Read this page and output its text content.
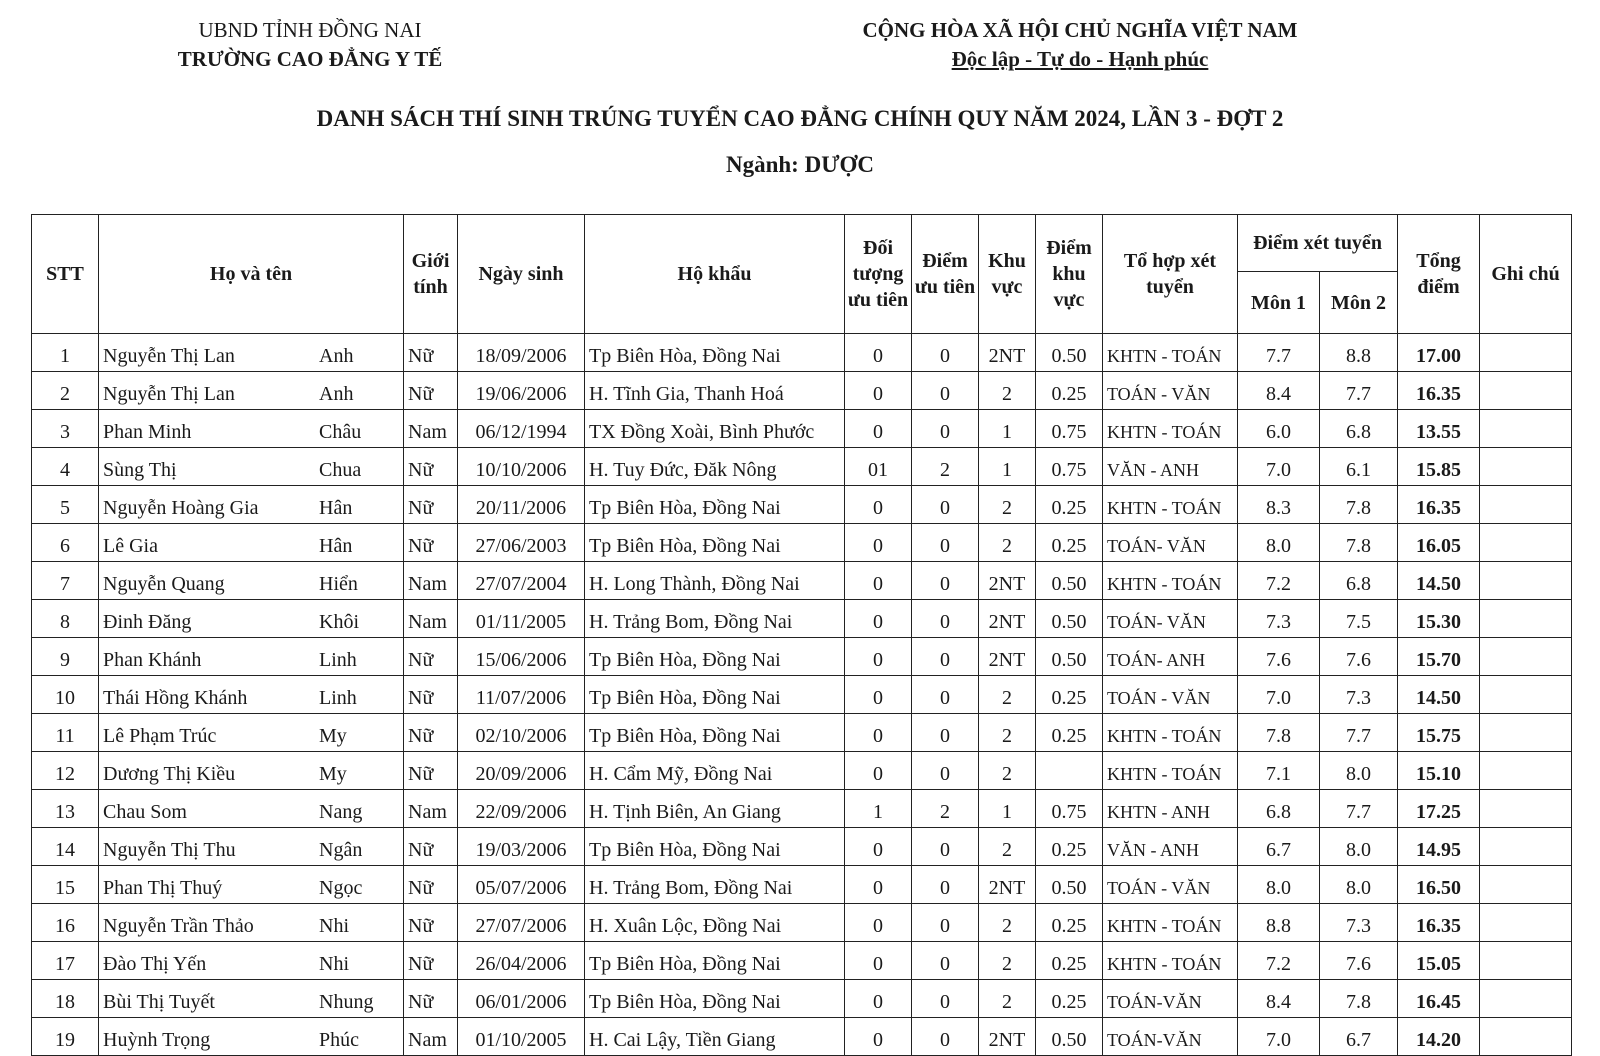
UBND TỈNH ĐỒNG NAI
TRƯỜNG CAO ĐẲNG Y TẾ
CỘNG HÒA XÃ HỘI CHỦ NGHĨA VIỆT NAM
Độc lập - Tự do - Hạnh phúc
DANH SÁCH THÍ SINH TRÚNG TUYỂN CAO ĐẲNG CHÍNH QUY NĂM 2024, LẦN 3 - ĐỢT 2
Ngành: DƯỢC
STT	Họ và tên	Giới tính	Ngày sinh	Hộ khẩu	Đối tượng ưu tiên	Điểm ưu tiên	Khu vực	Điểm khu vực	Tổ hợp xét tuyển	Điểm xét tuyển		Tổng điểm	Ghi chú
										Môn 1	Môn 2		
1	Nguyễn Thị Lan Anh	Nữ	18/09/2006	Tp Biên Hòa, Đồng Nai	0	0	2NT	0.50	KHTN - TOÁN	7.7	8.8	17.00	
2	Nguyễn Thị Lan Anh	Nữ	19/06/2006	H. Tĩnh Gia, Thanh Hoá	0	0	2	0.25	TOÁN - VĂN	8.4	7.7	16.35	
3	Phan Minh Châu	Nam	06/12/1994	TX Đồng Xoài, Bình Phước	0	0	1	0.75	KHTN - TOÁN	6.0	6.8	13.55	
4	Sùng Thị Chua	Nữ	10/10/2006	H. Tuy Đức, Đăk Nông	01	2	1	0.75	VĂN - ANH	7.0	6.1	15.85	
5	Nguyễn Hoàng Gia Hân	Nữ	20/11/2006	Tp Biên Hòa, Đồng Nai	0	0	2	0.25	KHTN - TOÁN	8.3	7.8	16.35	
6	Lê Gia Hân	Nữ	27/06/2003	Tp Biên Hòa, Đồng Nai	0	0	2	0.25	TOÁN- VĂN	8.0	7.8	16.05	
7	Nguyễn Quang Hiển	Nam	27/07/2004	H. Long Thành, Đồng Nai	0	0	2NT	0.50	KHTN - TOÁN	7.2	6.8	14.50	
8	Đinh Đăng Khôi	Nam	01/11/2005	H. Trảng Bom, Đồng Nai	0	0	2NT	0.50	TOÁN- VĂN	7.3	7.5	15.30	
9	Phan Khánh Linh	Nữ	15/06/2006	Tp Biên Hòa, Đồng Nai	0	0	2NT	0.50	TOÁN- ANH	7.6	7.6	15.70	
10	Thái Hồng Khánh Linh	Nữ	11/07/2006	Tp Biên Hòa, Đồng Nai	0	0	2	0.25	TOÁN - VĂN	7.0	7.3	14.50	
11	Lê Phạm Trúc My	Nữ	02/10/2006	Tp Biên Hòa, Đồng Nai	0	0	2	0.25	KHTN - TOÁN	7.8	7.7	15.75	
12	Dương Thị Kiều My	Nữ	20/09/2006	H. Cẩm Mỹ, Đồng Nai	0	0	2		KHTN - TOÁN	7.1	8.0	15.10	
13	Chau Som Nang	Nam	22/09/2006	H. Tịnh Biên, An Giang	1	2	1	0.75	KHTN - ANH	6.8	7.7	17.25	
14	Nguyễn Thị Thu Ngân	Nữ	19/03/2006	Tp Biên Hòa, Đồng Nai	0	0	2	0.25	VĂN - ANH	6.7	8.0	14.95	
15	Phan Thị Thuý Ngọc	Nữ	05/07/2006	H. Trảng Bom, Đồng Nai	0	0	2NT	0.50	TOÁN - VĂN	8.0	8.0	16.50	
16	Nguyễn Trần Thảo Nhi	Nữ	27/07/2006	H. Xuân Lộc, Đồng Nai	0	0	2	0.25	KHTN - TOÁN	8.8	7.3	16.35	
17	Đào Thị Yến Nhi	Nữ	26/04/2006	Tp Biên Hòa, Đồng Nai	0	0	2	0.25	KHTN - TOÁN	7.2	7.6	15.05	
18	Bùi Thị Tuyết Nhung	Nữ	06/01/2006	Tp Biên Hòa, Đồng Nai	0	0	2	0.25	TOÁN-VĂN	8.4	7.8	16.45	
19	Huỳnh Trọng Phúc	Nam	01/10/2005	H. Cai Lậy, Tiền Giang	0	0	2NT	0.50	TOÁN-VĂN	7.0	6.7	14.20	
